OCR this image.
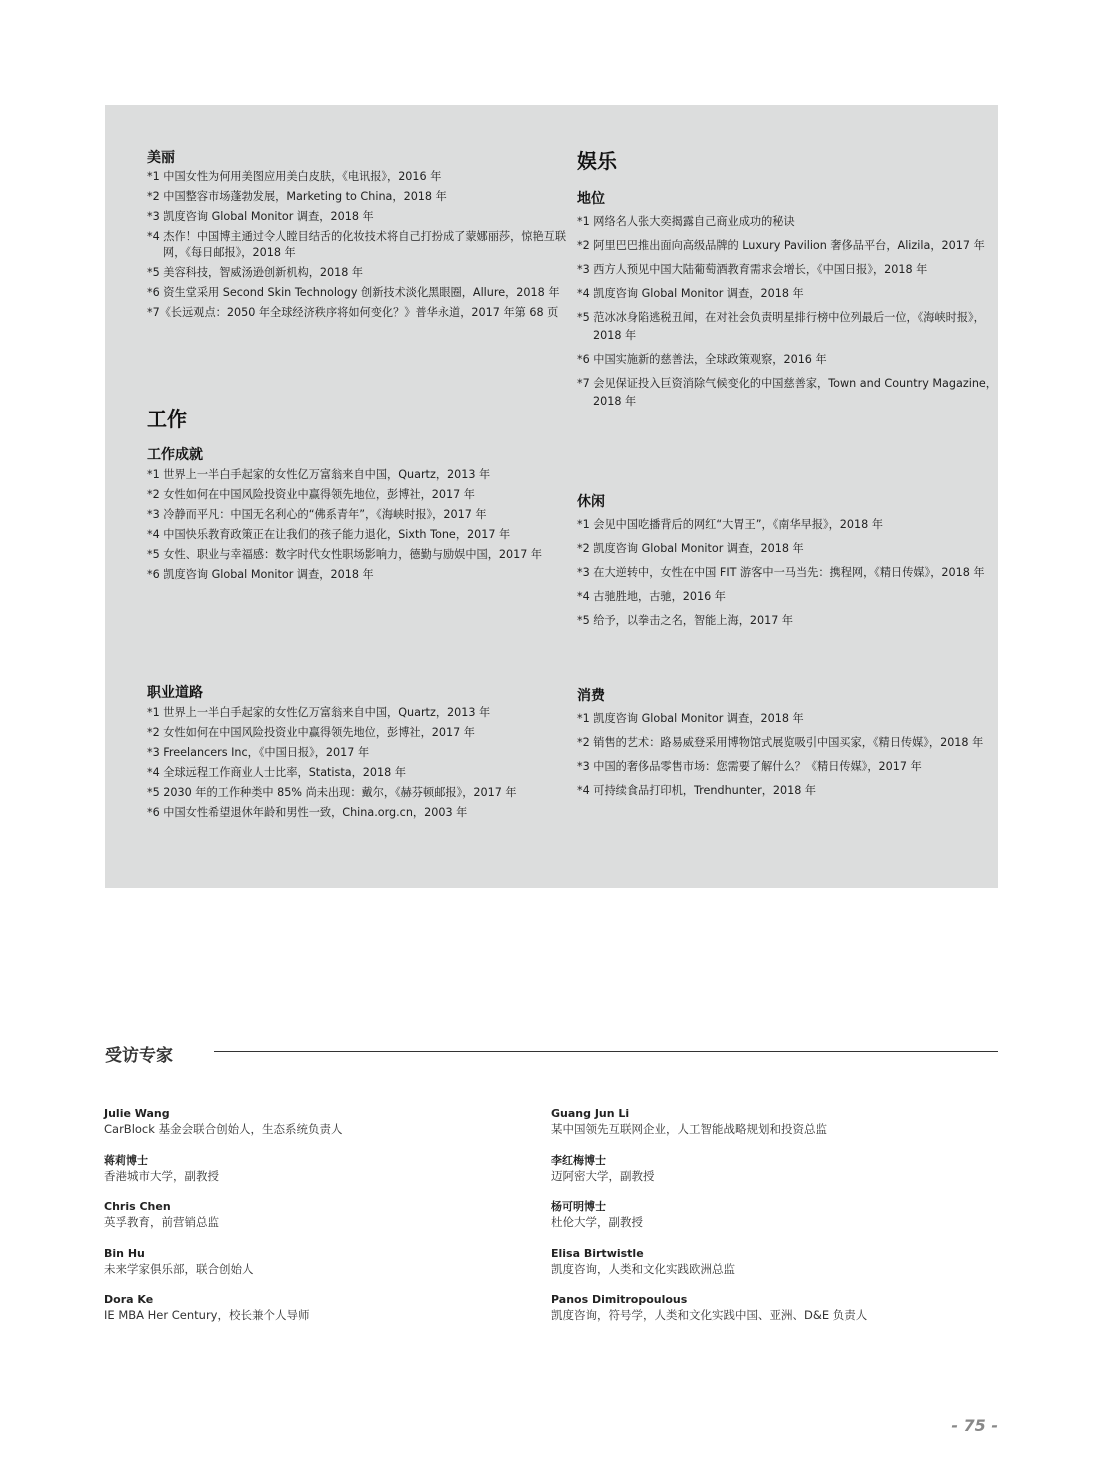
美丽
*1 中国女性为何用美图应用美白皮肤，《电讯报》，2016 年
*2 中国整容市场蓬勃发展，Marketing to China，2018 年
*3 凯度咨询 Global Monitor 调查，2018 年
*4 杰作！中国博主通过令人瞠目结舌的化妆技术将自己打扮成了蒙娜丽莎，惊艳互联网，《每日邮报》，2018 年
*5 美容科技，智威汤逊创新机构，2018 年
*6 资生堂采用 Second Skin Technology 创新技术淡化黑眼圈，Allure，2018 年
*7《长远观点：2050 年全球经济秩序将如何变化？》普华永道，2017 年第 68 页
工作
工作成就
*1 世界上一半白手起家的女性亿万富翁来自中国，Quartz，2013 年
*2 女性如何在中国风险投资业中赢得领先地位，彭博社，2017 年
*3 冷静而平凡：中国无名利心的“佛系青年”，《海峡时报》，2017 年
*4 中国快乐教育政策正在让我们的孩子能力退化，Sixth Tone，2017 年
*5 女性、职业与幸福感：数字时代女性职场影响力，德勤与励娱中国，2017 年
*6 凯度咨询 Global Monitor 调查，2018 年
职业道路
*1 世界上一半白手起家的女性亿万富翁来自中国，Quartz，2013 年
*2 女性如何在中国风险投资业中赢得领先地位，彭博社，2017 年
*3 Freelancers Inc，《中国日报》，2017 年
*4 全球远程工作商业人士比率，Statista，2018 年
*5 2030 年的工作种类中 85% 尚未出现：戴尔，《赫芬顿邮报》，2017 年
*6 中国女性希望退休年龄和男性一致，China.org.cn，2003 年
娱乐
地位
*1 网络名人张大奕揭露自己商业成功的秘诀
*2 阿里巴巴推出面向高级品牌的 Luxury Pavilion 奢侈品平台，Alizila，2017 年
*3 西方人预见中国大陆葡萄酒教育需求会增长，《中国日报》，2018 年
*4 凯度咨询 Global Monitor 调查，2018 年
*5 范冰冰身陷逃税丑闻，在对社会负责明星排行榜中位列最后一位，《海峡时报》，2018 年
*6 中国实施新的慈善法，全球政策观察，2016 年
*7 会见保证投入巨资消除气候变化的中国慈善家，Town and Country Magazine，2018 年
休闲
*1 会见中国吃播背后的网红“大胃王”，《南华早报》，2018 年
*2 凯度咨询 Global Monitor 调查，2018 年
*3 在大逆转中，女性在中国 FIT 游客中一马当先：携程网，《精日传媒》，2018 年
*4 古驰胜地，古驰，2016 年
*5 给予，以拳击之名，智能上海，2017 年
消费
*1 凯度咨询 Global Monitor 调查，2018 年
*2 销售的艺术：路易威登采用博物馆式展览吸引中国买家，《精日传媒》，2018 年
*3 中国的奢侈品零售市场：您需要了解什么？《精日传媒》，2017 年
*4 可持续食品打印机，Trendhunter，2018 年
受访专家
Julie Wang
CarBlock 基金会联合创始人，生态系统负责人
蒋莉博士
香港城市大学，副教授
Chris Chen
英孚教育，前营销总监
Bin Hu
未来学家俱乐部，联合创始人
Dora Ke
IE MBA Her Century，校长兼个人导师
Guang Jun Li
某中国领先互联网企业，人工智能战略规划和投资总监
李红梅博士
迈阿密大学，副教授
杨可明博士
杜伦大学，副教授
Elisa Birtwistle
凯度咨询，人类和文化实践欧洲总监
Panos Dimitropoulous
凯度咨询，符号学，人类和文化实践中国、亚洲、D&E 负责人
- 75 -
